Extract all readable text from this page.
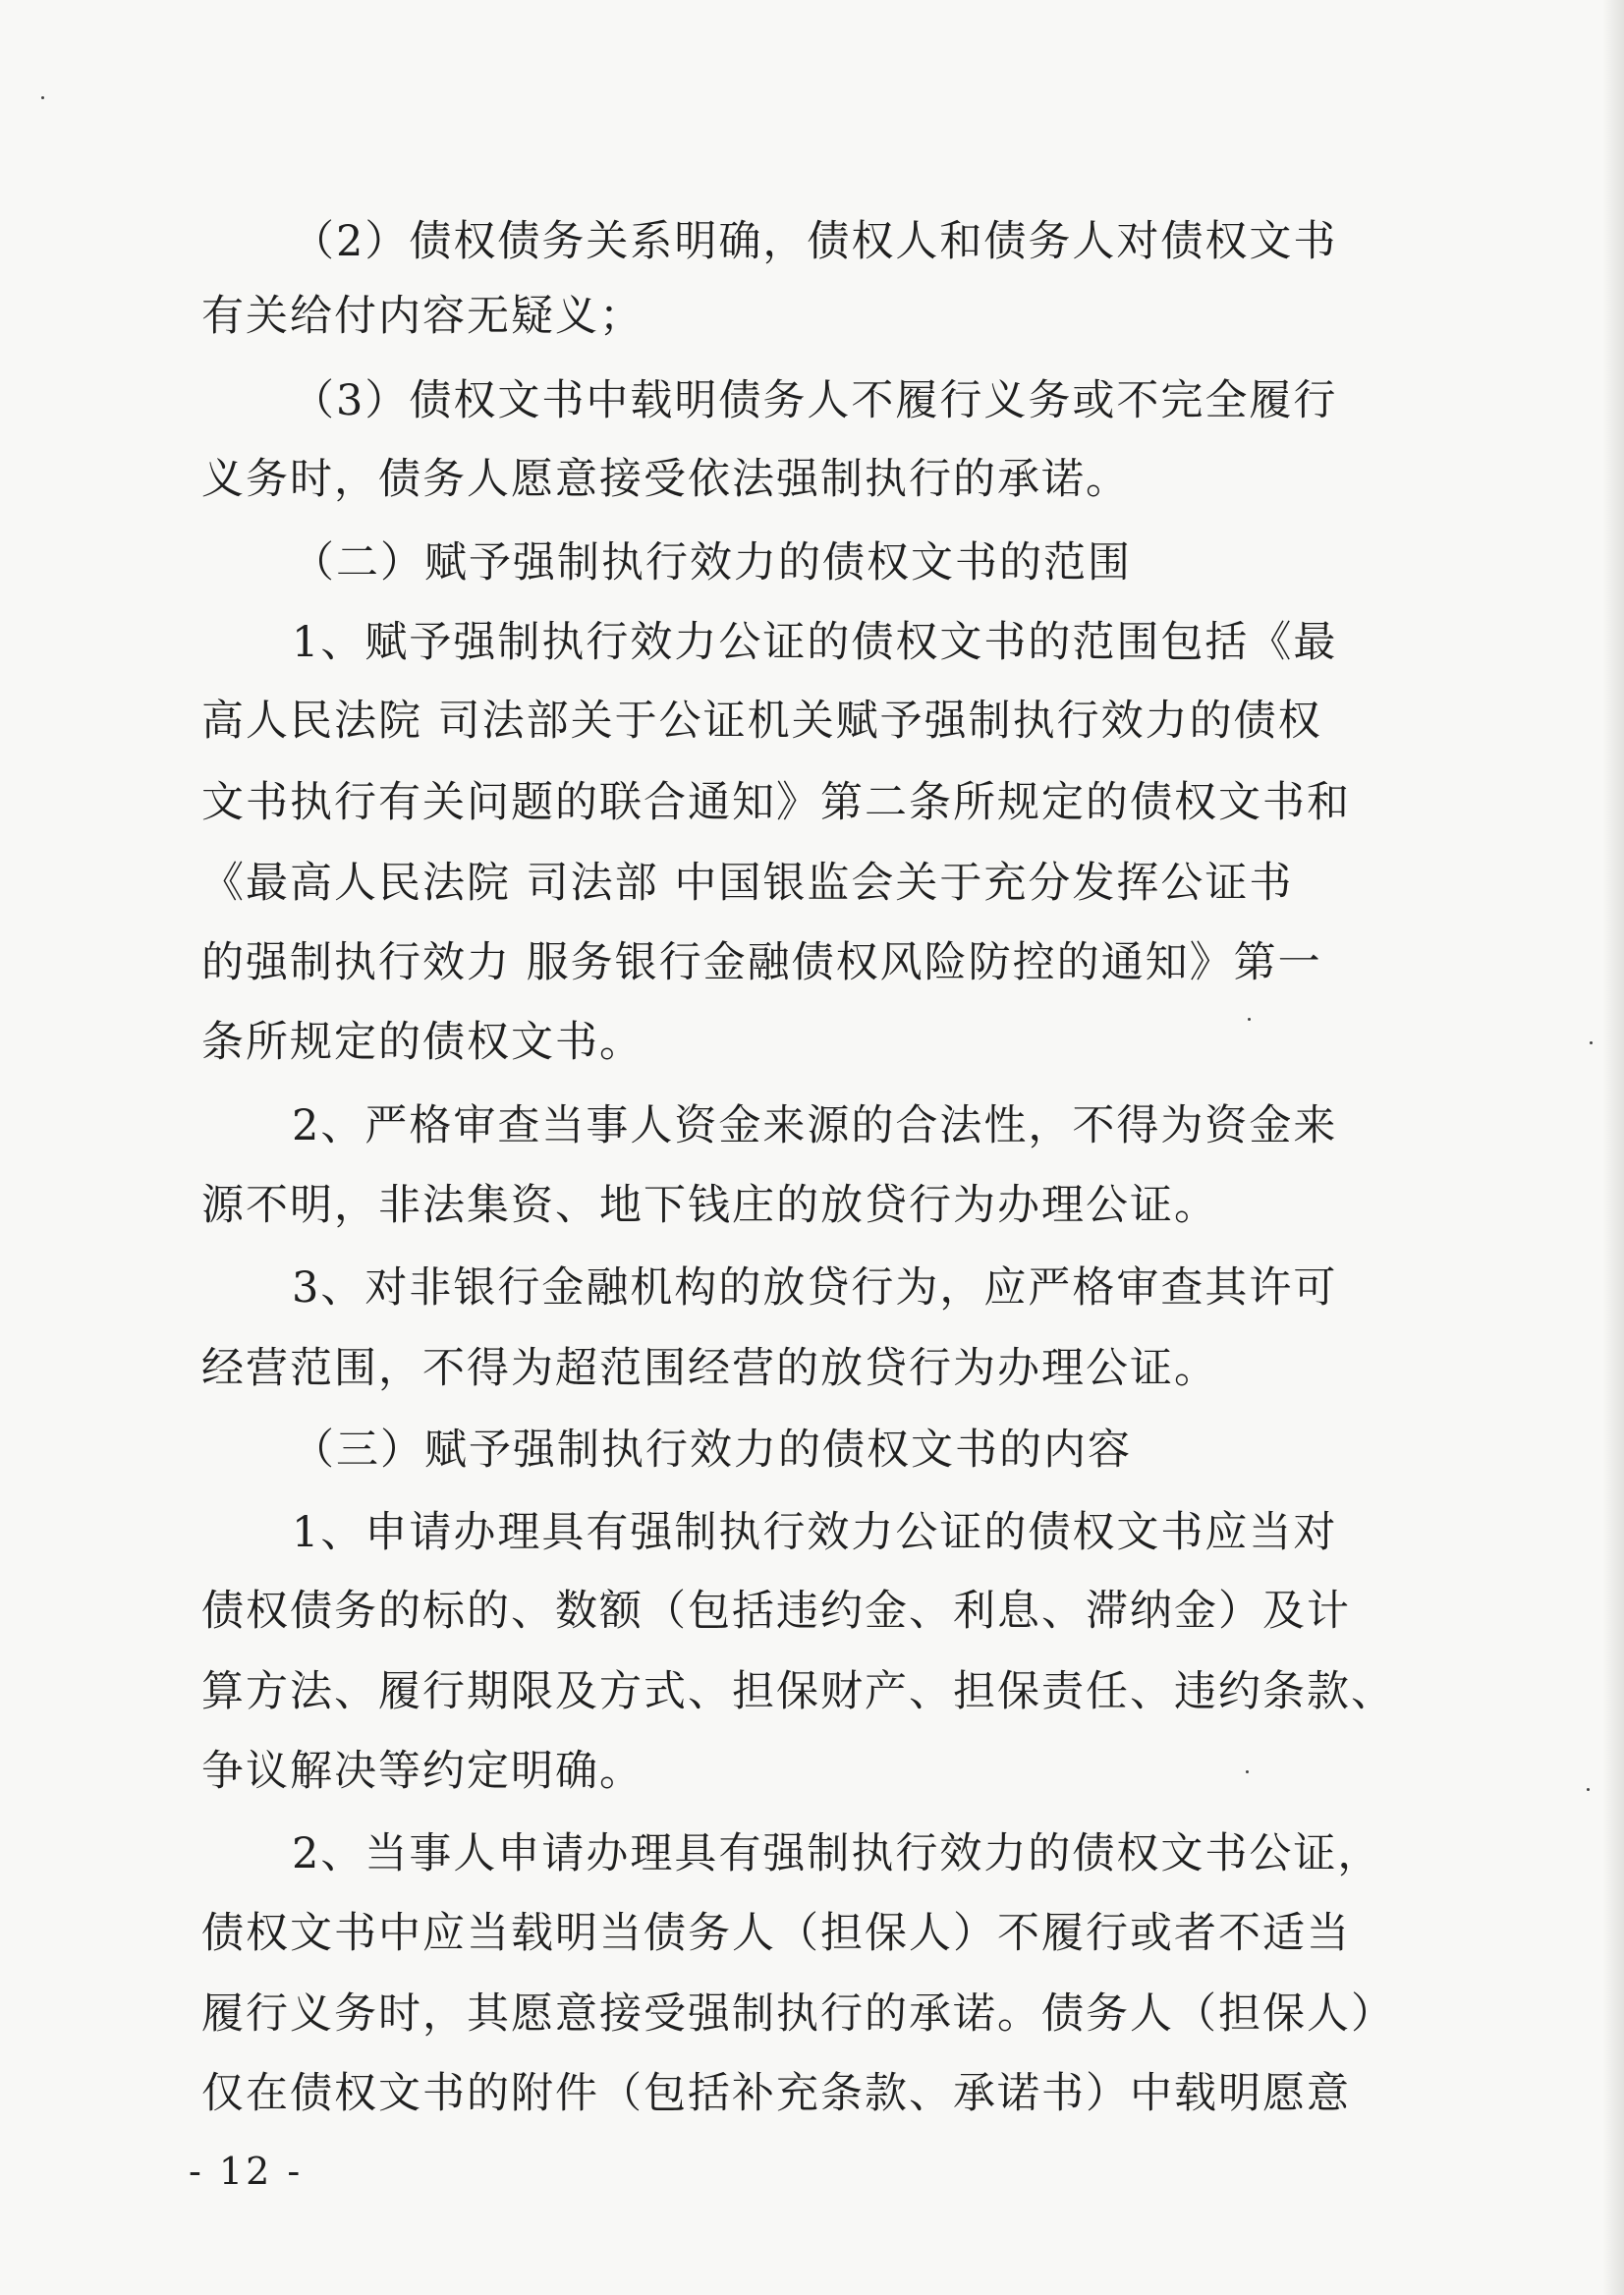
（2）债权债务关系明确，债权人和债务人对债权文书

有关给付内容无疑义；

（3）债权文书中载明债务人不履行义务或不完全履行

义务时，债务人愿意接受依法强制执行的承诺。

（二）赋予强制执行效力的债权文书的范围

1、赋予强制执行效力公证的债权文书的范围包括《最

高人民法院 司法部关于公证机关赋予强制执行效力的债权

文书执行有关问题的联合通知》第二条所规定的债权文书和

《最高人民法院 司法部 中国银监会关于充分发挥公证书

的强制执行效力 服务银行金融债权风险防控的通知》第一

条所规定的债权文书。

2、严格审查当事人资金来源的合法性，不得为资金来

源不明，非法集资、地下钱庄的放贷行为办理公证。

3、对非银行金融机构的放贷行为，应严格审查其许可

经营范围，不得为超范围经营的放贷行为办理公证。

（三）赋予强制执行效力的债权文书的内容

1、申请办理具有强制执行效力公证的债权文书应当对

债权债务的标的、数额（包括违约金、利息、滞纳金）及计

算方法、履行期限及方式、担保财产、担保责任、违约条款、

争议解决等约定明确。

2、当事人申请办理具有强制执行效力的债权文书公证，

债权文书中应当载明当债务人（担保人）不履行或者不适当

履行义务时，其愿意接受强制执行的承诺。债务人（担保人）

仅在债权文书的附件（包括补充条款、承诺书）中载明愿意

- 12 -
